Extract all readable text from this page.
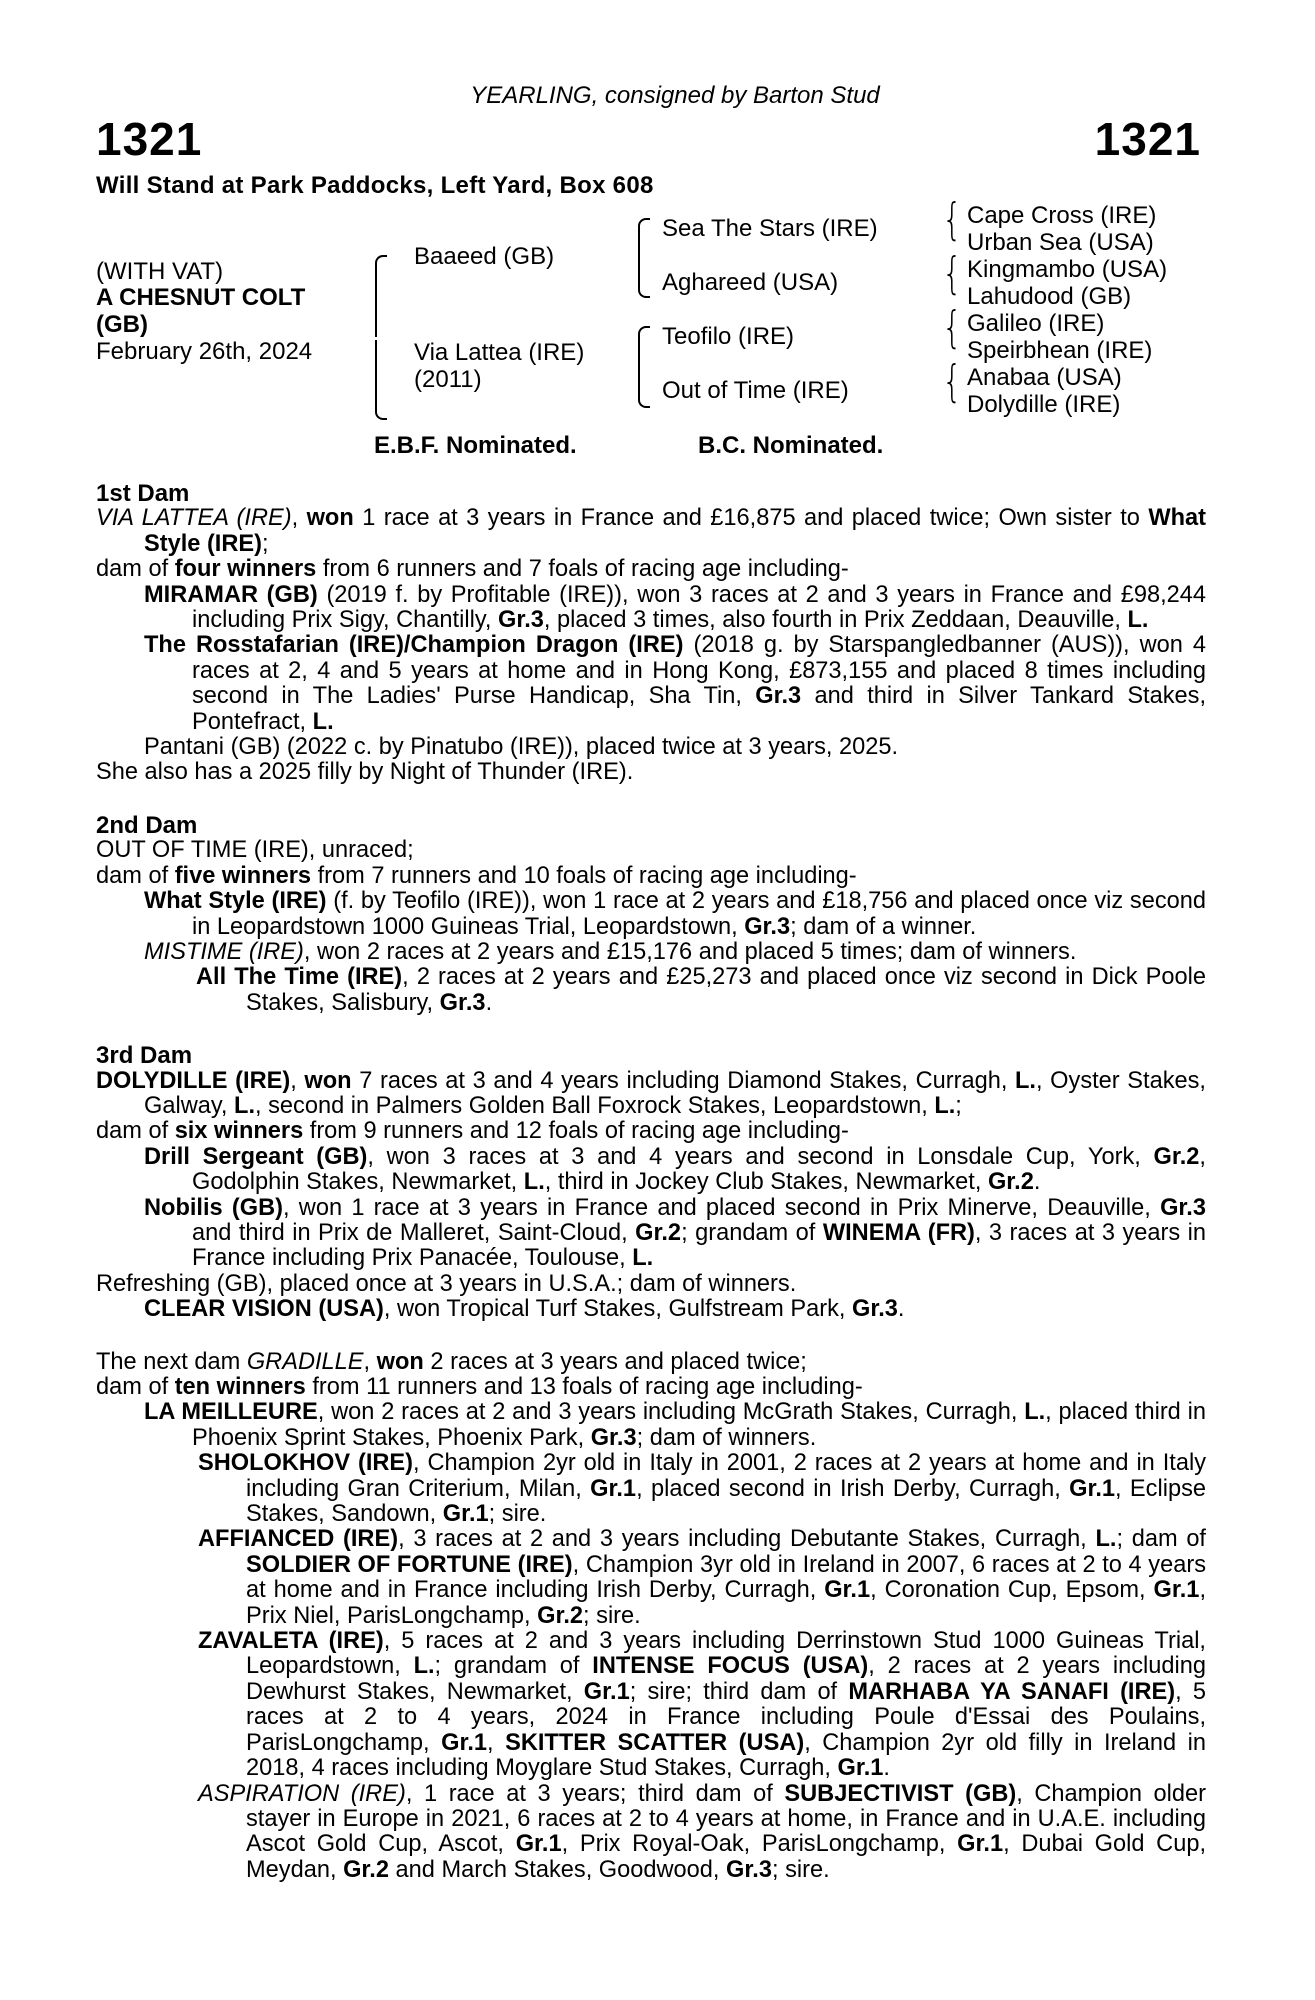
YEARLING, consigned by Barton Stud
1321	1321
Will Stand at Park Paddocks, Left Yard, Box 608
(WITH VAT)
A CHESNUT COLT
(GB)
February 26th, 2024
Baaeed (GB)
Via Lattea (IRE)
(2011)
Sea The Stars (IRE)
Aghareed (USA)
Teofilo (IRE)
Out of Time (IRE)
{
{
{
{
Cape Cross (IRE)
Urban Sea (USA)
Kingmambo (USA)
Lahudood (GB)
Galileo (IRE)
Speirbhean (IRE)
Anabaa (USA)
Dolydille (IRE)
E.B.F. Nominated.	B.C. Nominated.

1st Dam

VIA LATTEA (IRE), won 1 race at 3 years in France and £16,875 and placed twice; Own sister to What Style (IRE);

dam of four winners from 6 runners and 7 foals of racing age including-

MIRAMAR (GB) (2019 f. by Profitable (IRE)), won 3 races at 2 and 3 years in France and £98,244 including Prix Sigy, Chantilly, Gr.3, placed 3 times, also fourth in Prix Zeddaan, Deauville, L.

The Rosstafarian (IRE)/Champion Dragon (IRE) (2018 g. by Starspangledbanner (AUS)), won 4 races at 2, 4 and 5 years at home and in Hong Kong, £873,155 and placed 8 times including second in The Ladies' Purse Handicap, Sha Tin, Gr.3 and third in Silver Tankard Stakes, Pontefract, L.

Pantani (GB) (2022 c. by Pinatubo (IRE)), placed twice at 3 years, 2025.

She also has a 2025 filly by Night of Thunder (IRE).

2nd Dam

OUT OF TIME (IRE), unraced;

dam of five winners from 7 runners and 10 foals of racing age including-

What Style (IRE) (f. by Teofilo (IRE)), won 1 race at 2 years and £18,756 and placed once viz second in Leopardstown 1000 Guineas Trial, Leopardstown, Gr.3; dam of a winner.

MISTIME (IRE), won 2 races at 2 years and £15,176 and placed 5 times; dam of winners.

All The Time (IRE), 2 races at 2 years and £25,273 and placed once viz second in Dick Poole Stakes, Salisbury, Gr.3.

3rd Dam

DOLYDILLE (IRE), won 7 races at 3 and 4 years including Diamond Stakes, Curragh, L., Oyster Stakes, Galway, L., second in Palmers Golden Ball Foxrock Stakes, Leopardstown, L.;

dam of six winners from 9 runners and 12 foals of racing age including-

Drill Sergeant (GB), won 3 races at 3 and 4 years and second in Lonsdale Cup, York, Gr.2, Godolphin Stakes, Newmarket, L., third in Jockey Club Stakes, Newmarket, Gr.2.

Nobilis (GB), won 1 race at 3 years in France and placed second in Prix Minerve, Deauville, Gr.3 and third in Prix de Malleret, Saint-Cloud, Gr.2; grandam of WINEMA (FR), 3 races at 3 years in France including Prix Panacée, Toulouse, L.

Refreshing (GB), placed once at 3 years in U.S.A.; dam of winners.

CLEAR VISION (USA), won Tropical Turf Stakes, Gulfstream Park, Gr.3.

The next dam GRADILLE, won 2 races at 3 years and placed twice;

dam of ten winners from 11 runners and 13 foals of racing age including-

LA MEILLEURE, won 2 races at 2 and 3 years including McGrath Stakes, Curragh, L., placed third in Phoenix Sprint Stakes, Phoenix Park, Gr.3; dam of winners.

SHOLOKHOV (IRE), Champion 2yr old in Italy in 2001, 2 races at 2 years at home and in Italy including Gran Criterium, Milan, Gr.1, placed second in Irish Derby, Curragh, Gr.1, Eclipse Stakes, Sandown, Gr.1; sire.

AFFIANCED (IRE), 3 races at 2 and 3 years including Debutante Stakes, Curragh, L.; dam of SOLDIER OF FORTUNE (IRE), Champion 3yr old in Ireland in 2007, 6 races at 2 to 4 years at home and in France including Irish Derby, Curragh, Gr.1, Coronation Cup, Epsom, Gr.1, Prix Niel, ParisLongchamp, Gr.2; sire.

ZAVALETA (IRE), 5 races at 2 and 3 years including Derrinstown Stud 1000 Guineas Trial, Leopardstown, L.; grandam of INTENSE FOCUS (USA), 2 races at 2 years including Dewhurst Stakes, Newmarket, Gr.1; sire; third dam of MARHABA YA SANAFI (IRE), 5 races at 2 to 4 years, 2024 in France including Poule d'Essai des Poulains, ParisLongchamp, Gr.1, SKITTER SCATTER (USA), Champion 2yr old filly in Ireland in 2018, 4 races including Moyglare Stud Stakes, Curragh, Gr.1.

ASPIRATION (IRE), 1 race at 3 years; third dam of SUBJECTIVIST (GB), Champion older stayer in Europe in 2021, 6 races at 2 to 4 years at home, in France and in U.A.E. including Ascot Gold Cup, Ascot, Gr.1, Prix Royal-Oak, ParisLongchamp, Gr.1, Dubai Gold Cup, Meydan, Gr.2 and March Stakes, Goodwood, Gr.3; sire.
